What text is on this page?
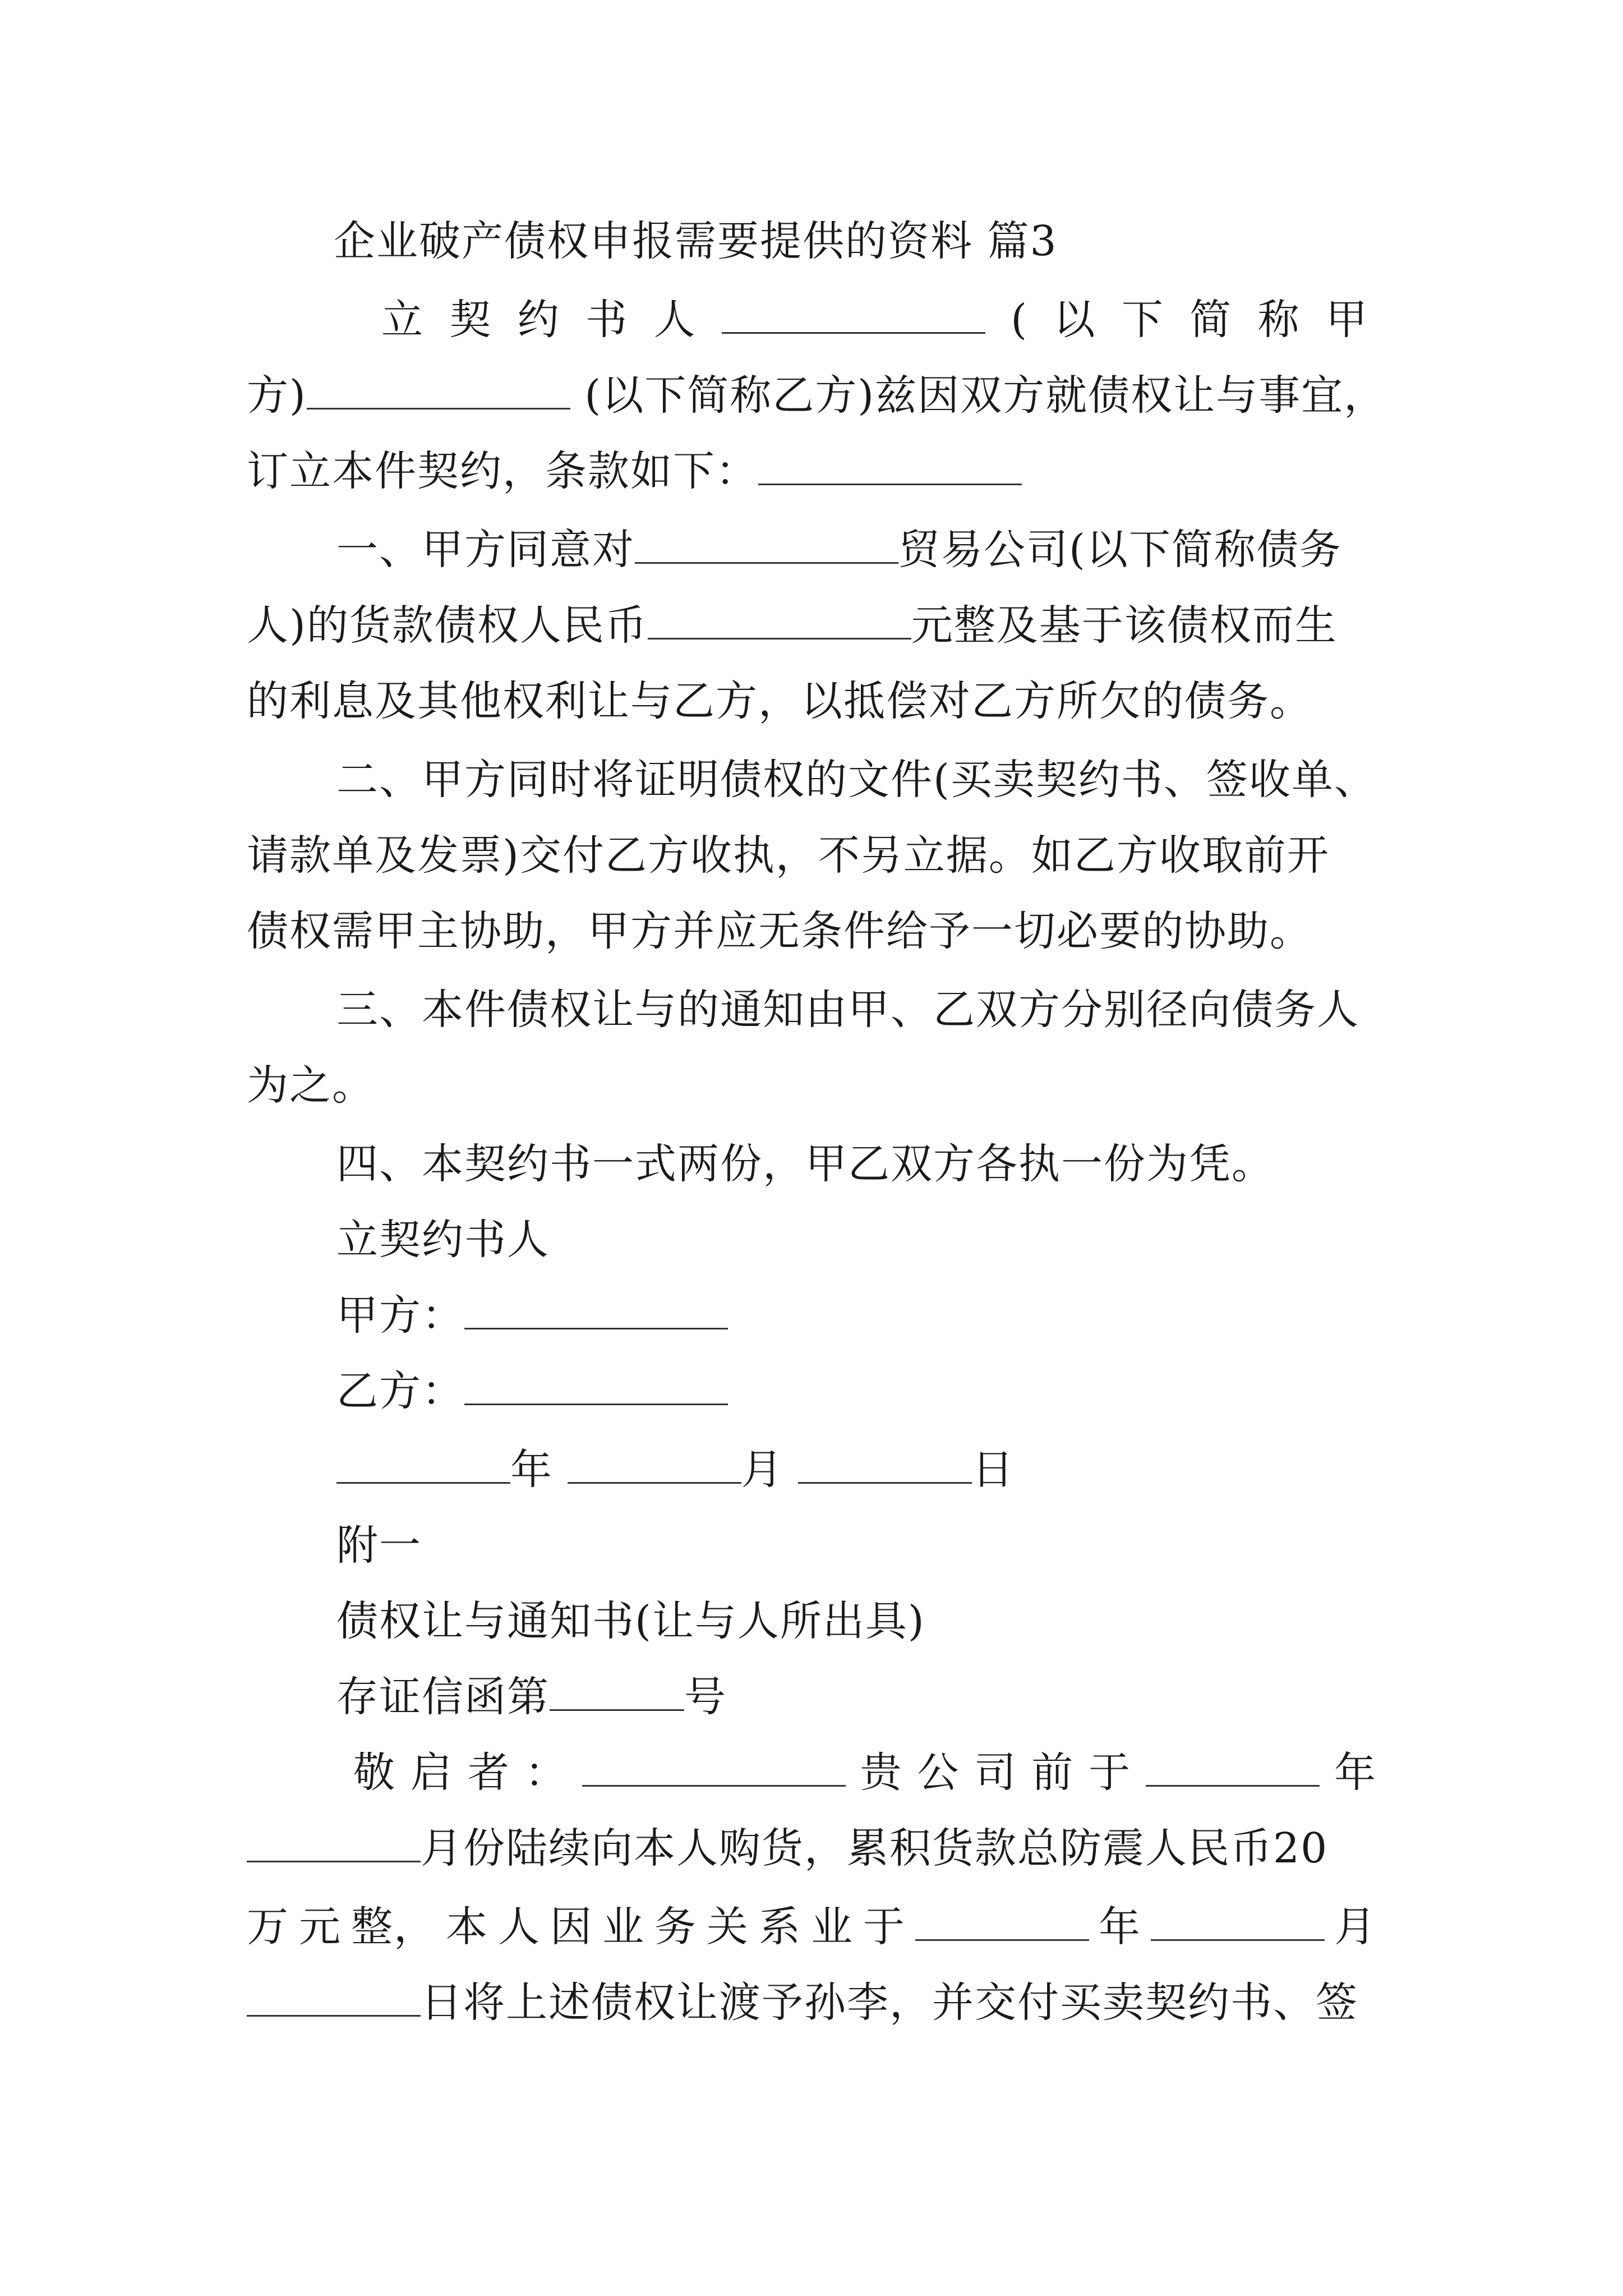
企业破产债权申报需要提供的资料 篇3
立 契 约 书 人	( 以 下 简 称 甲
方)	(以下简称乙方)兹因双方就债权让与事宜，
订立本件契约，条款如下：
一、甲方同意对	贸易公司(以下简称债务
人)的货款债权人民币	元整及基于该债权而生
的利息及其他权利让与乙方，以抵偿对乙方所欠的债务。
二、甲方同时将证明债权的文件(买卖契约书、签收单、
请款单及发票)交付乙方收执，不另立据。如乙方收取前开
债权需甲主协助，甲方并应无条件给予一切必要的协助。
三、本件债权让与的通知由甲、乙双方分别径向债务人
为之。
四、本契约书一式两份，甲乙双方各执一份为凭。
立契约书人
甲方：
乙方：
年	月	日
附一
债权让与通知书(让与人所出具)
存证信函第	号
敬 启 者 ：	贵 公 司 前 于	年
月份陆续向本人购货，累积货款总防震人民币20
万 元 整， 本 人 因 业 务 关 系 业 于	年	月
日将上述债权让渡予孙李，并交付买卖契约书、签
